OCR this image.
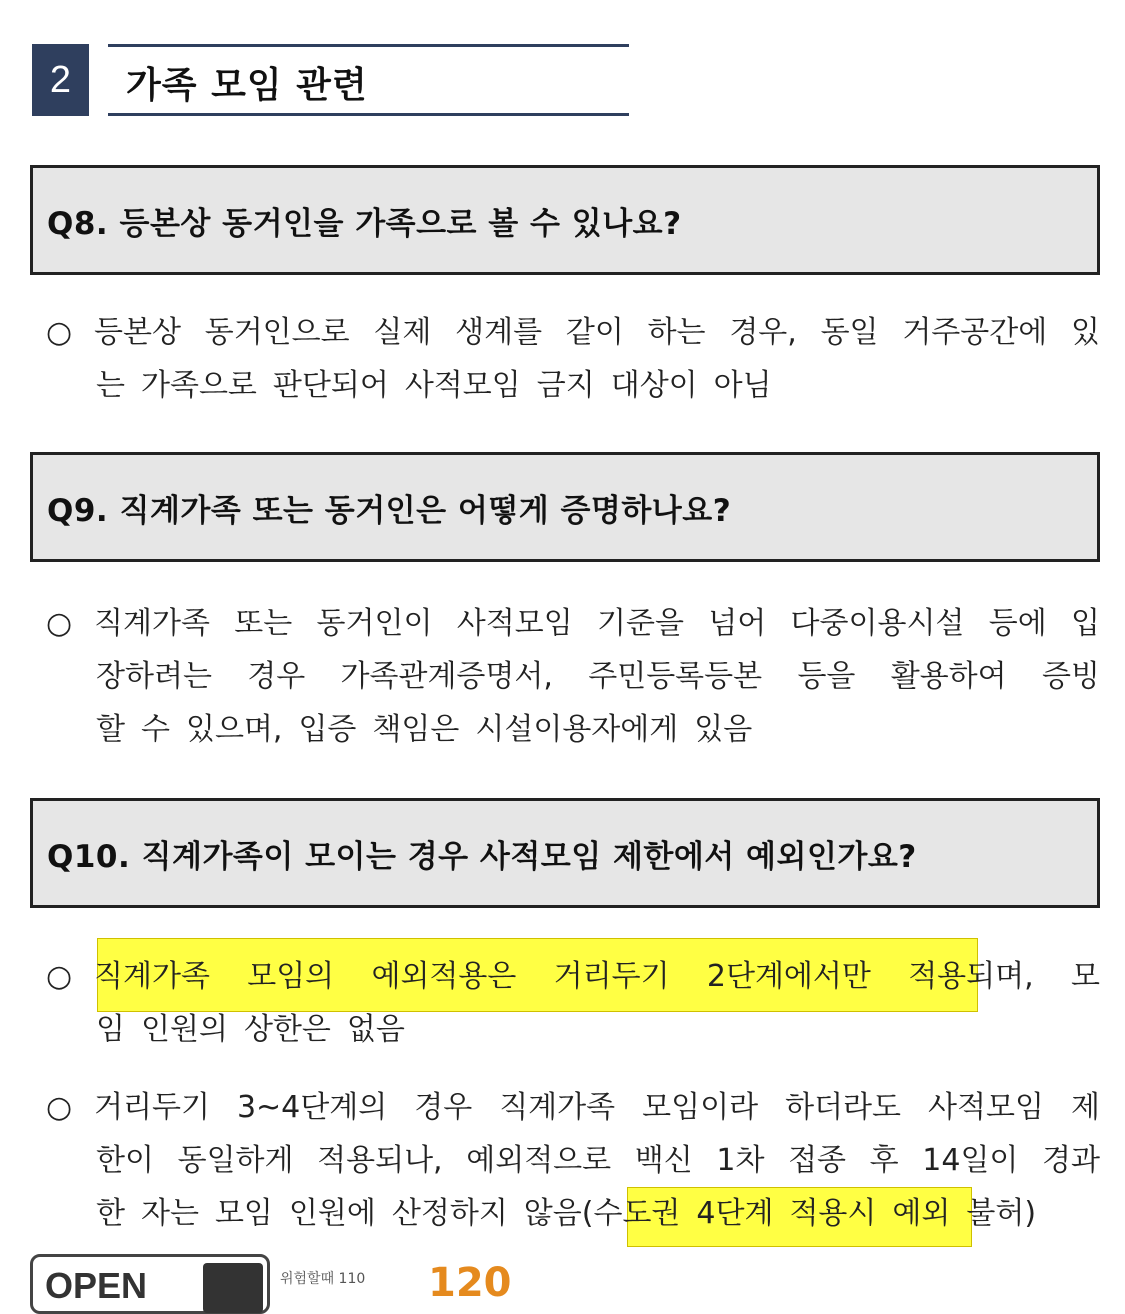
2	가족 모임 관련
Q8. 등본상 동거인을 가족으로 볼 수 있나요?
○ 등본상 동거인으로 실제 생계를 같이 하는 경우, 동일 거주공간에 있
는 가족으로 판단되어 사적모임 금지 대상이 아님
Q9. 직계가족 또는 동거인은 어떻게 증명하나요?
○ 직계가족 또는 동거인이 사적모임 기준을 넘어 다중이용시설 등에 입
장하려는 경우 가족관계증명서, 주민등록등본 등을 활용하여 증빙
할 수 있으며, 입증 책임은 시설이용자에게 있음
Q10. 직계가족이 모이는 경우 사적모임 제한에서 예외인가요?
○ 직계가족 모임의 예외적용은 거리두기 2단계에서만 적용되며, 모
임 인원의 상한은 없음
○ 거리두기 3~4단계의 경우 직계가족 모임이라 하더라도 사적모임 제
한이 동일하게 적용되나, 예외적으로 백신 1차 접종 후 14일이 경과
한 자는 모임 인원에 산정하지 않음(수도권 4단계 적용시 예외 불허)
OPEN	위험할때 110 120
